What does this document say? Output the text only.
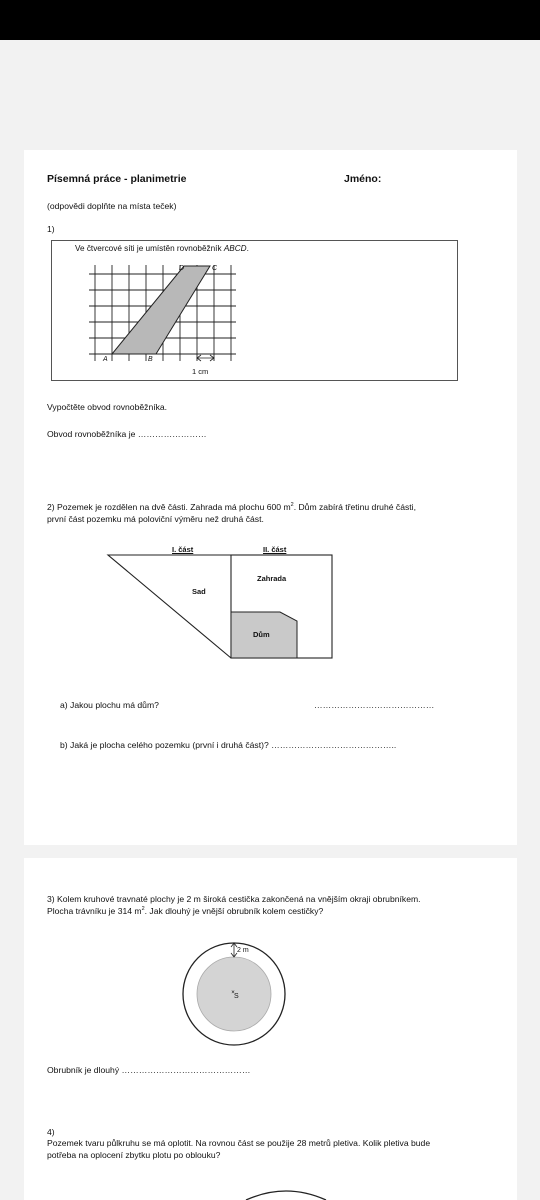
Písemná práce - planimetrie	Jméno:
(odpovědi doplňte na místa teček)
1)
Ve čtvercové síti je umístěn rovnoběžník ABCD.
A	B
D	C
1 cm
Vypočtěte obvod rovnoběžníka.
Obvod rovnoběžníka je ……………………
2) Pozemek je rozdělen na dvě části. Zahrada má plochu 600 $m^2$. Dům zabírá třetinu druhé části,
první část pozemku má poloviční výměru než druhá část.
I. část	II. část
Sad
Zahrada
Dům
a) Jakou plochu má dům?	……………………………………
b) Jaká je plocha celého pozemku (první i druhá část)? ……………………………………..
3) Kolem kruhové travnaté plochy je 2 m široká cestička zakončená na vnějším okraji obrubníkem.
Plocha trávníku je 314 $m^2$. Jak dlouhý je vnější obrubník kolem cestičky?
×
2 m
S
Obrubník je dlouhý ………………………………………
4)
Pozemek tvaru půlkruhu se má oplotit. Na rovnou část se použije 28 metrů pletiva. Kolik pletiva bude
potřeba na oplocení zbytku plotu po oblouku?
